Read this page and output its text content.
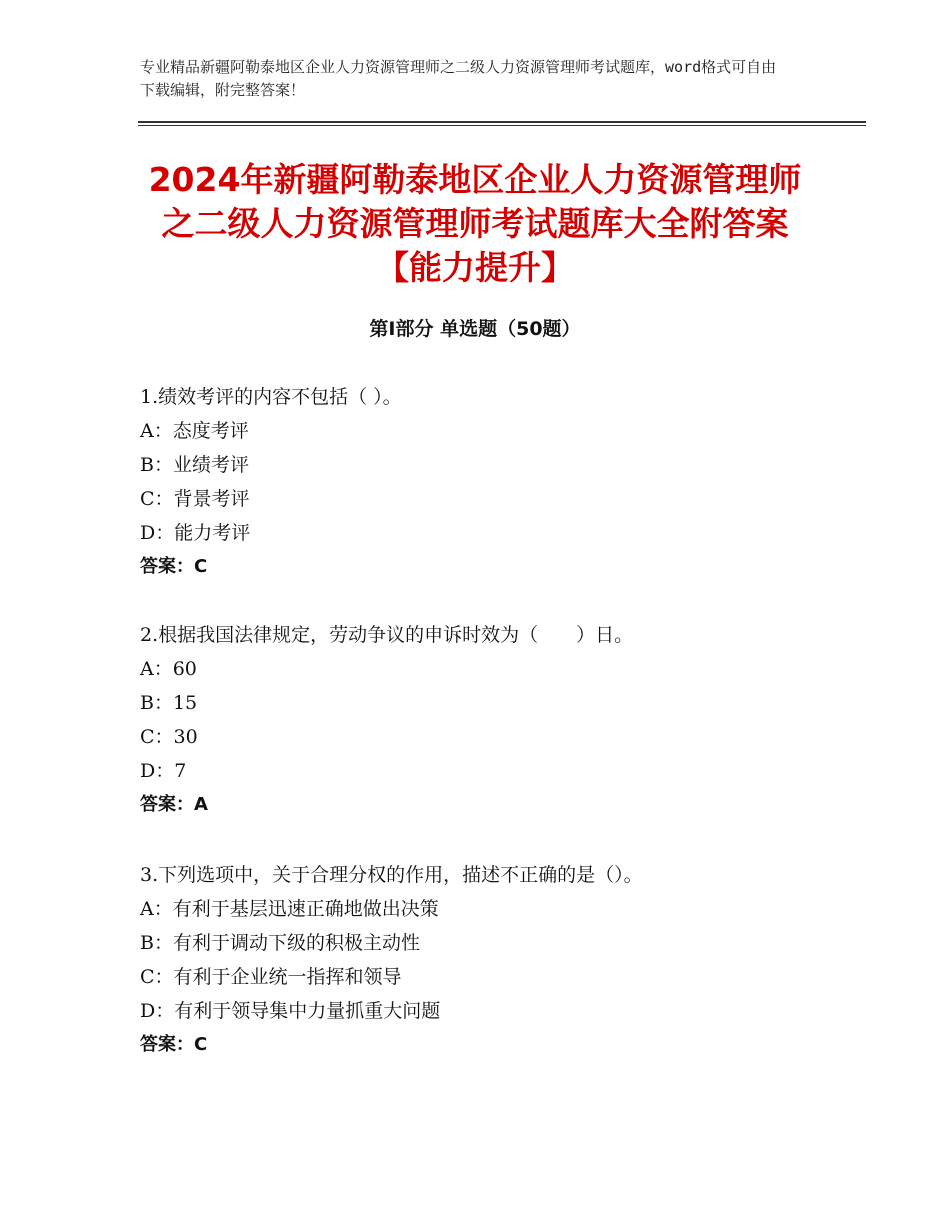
专业精品新疆阿勒泰地区企业人力资源管理师之二级人力资源管理师考试题库，word格式可自由下载编辑，附完整答案！
2024年新疆阿勒泰地区企业人力资源管理师之二级人力资源管理师考试题库大全附答案【能力提升】
第Ⅰ部分 单选题（50题）
1.绩效考评的内容不包括（ ）。
A：态度考评
B：业绩考评
C：背景考评
D：能力考评
答案：C
2.根据我国法律规定，劳动争议的申诉时效为（　　）日。
A：60
B：15
C：30
D：7
答案：A
3.下列选项中，关于合理分权的作用，描述不正确的是（）。
A：有利于基层迅速正确地做出决策
B：有利于调动下级的积极主动性
C：有利于企业统一指挥和领导
D：有利于领导集中力量抓重大问题
答案：C
